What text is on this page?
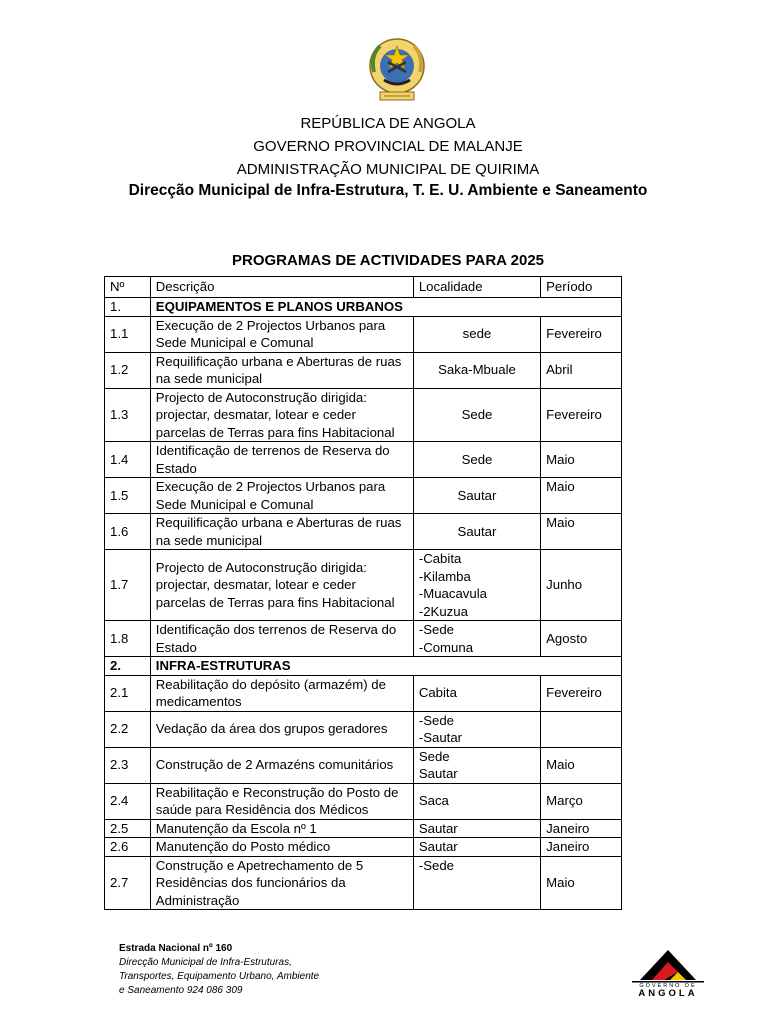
REPÚBLICA DE ANGOLA
GOVERNO PROVINCIAL DE MALANJE
ADMINISTRAÇÃO MUNICIPAL DE QUIRIMA
Direcção Municipal de Infra-Estrutura, T. E. U. Ambiente e Saneamento
PROGRAMAS DE ACTIVIDADES PARA 2025
Nº	Descrição	Localidade	Período
1.	EQUIPAMENTOS E PLANOS URBANOS		
1.1	Execução de 2 Projectos Urbanos para Sede Municipal e Comunal	sede	Fevereiro
1.2	Requilificação urbana e Aberturas de ruas na sede municipal	Saka-Mbuale	Abril
1.3	Projecto de Autoconstrução dirigida: projectar, desmatar, lotear e ceder parcelas de Terras para fins Habitacional	Sede	Fevereiro
1.4	Identificação de terrenos de Reserva do Estado	Sede	Maio
1.5	Execução de 2 Projectos Urbanos para Sede Municipal e Comunal	Sautar	Maio
1.6	Requilificação urbana e Aberturas de ruas na sede municipal	Sautar	Maio
1.7	Projecto de Autoconstrução dirigida: projectar, desmatar, lotear e ceder parcelas de Terras para fins Habitacional	-Cabita
-Kilamba
-Muacavula
-2Kuzua	Junho
1.8	Identificação dos terrenos de Reserva do Estado	-Sede
-Comuna	Agosto
2.	INFRA-ESTRUTURAS		
2.1	Reabilitação do depósito (armazém) de medicamentos	Cabita	Fevereiro
2.2	Vedação da área dos grupos geradores	-Sede
-Sautar	

2.3	Construção de 2 Armazéns comunitários	Sede
Sautar	Maio
2.4	Reabilitação e Reconstrução do Posto de saúde para Residência dos Médicos	Saca	Março
2.5	Manutenção da Escola nº 1	Sautar	Janeiro
2.6	Manutenção do Posto médico	Sautar	Janeiro
2.7	Construção e Apetrechamento de 5 Residências dos funcionários da Administração	-Sede	Maio
Estrada Nacional nº 160
Direcção Municipal de Infra-Estruturas,
Transportes, Equipamento Urbano, Ambiente
e Saneamento 924 086 309	GOVERNO DE
ANGOLA
